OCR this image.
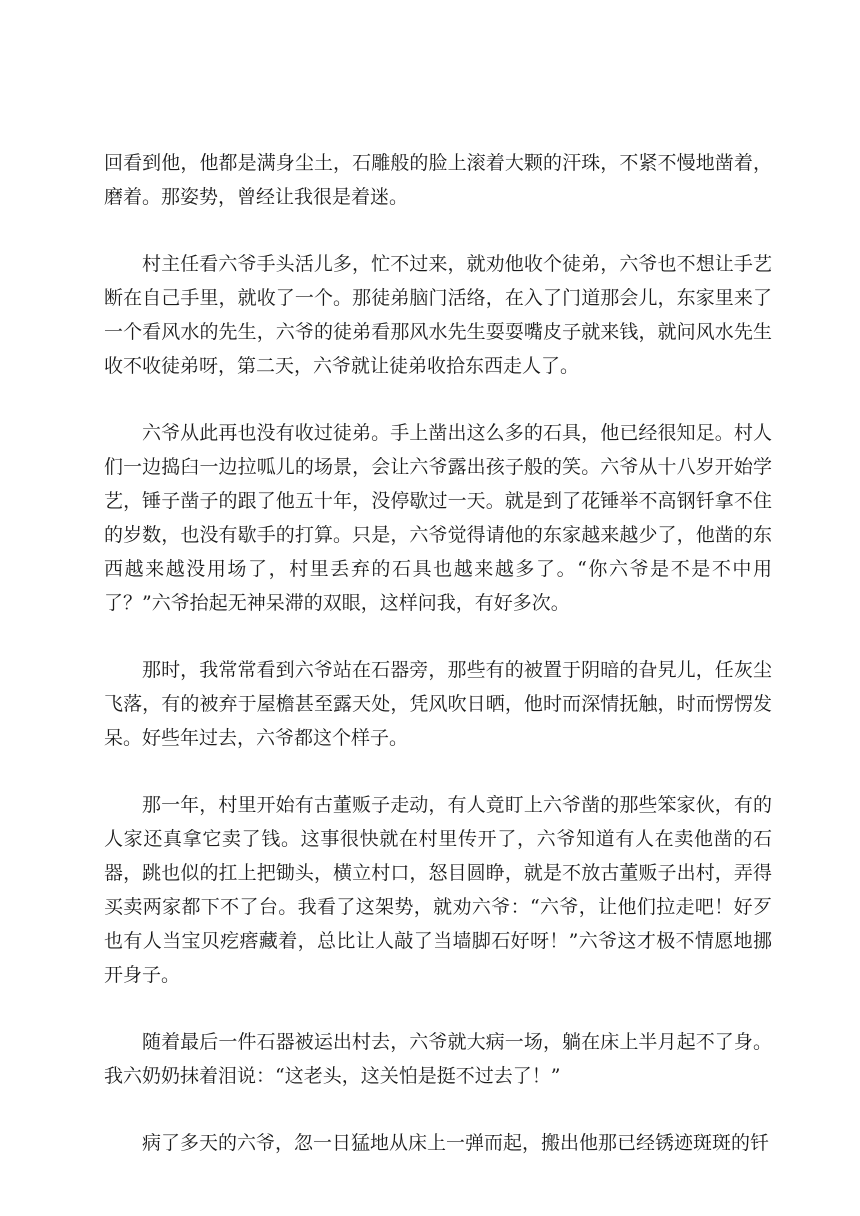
回看到他，他都是满身尘土，石雕般的脸上滚着大颗的汗珠，不紧不慢地凿着，磨着。那姿势，曾经让我很是着迷。

村主任看六爷手头活儿多，忙不过来，就劝他收个徒弟，六爷也不想让手艺断在自己手里，就收了一个。那徒弟脑门活络，在入了门道那会儿，东家里来了一个看风水的先生，六爷的徒弟看那风水先生耍耍嘴皮子就来钱，就问风水先生收不收徒弟呀，第二天，六爷就让徒弟收拾东西走人了。

六爷从此再也没有收过徒弟。手上凿出这么多的石具，他已经很知足。村人们一边捣臼一边拉呱儿的场景，会让六爷露出孩子般的笑。六爷从十八岁开始学艺，锤子凿子的跟了他五十年，没停歇过一天。就是到了花锤举不高钢钎拿不住的岁数，也没有歇手的打算。只是，六爷觉得请他的东家越来越少了，他凿的东西越来越没用场了，村里丢弃的石具也越来越多了。“你六爷是不是不中用了？”六爷抬起无神呆滞的双眼，这样问我，有好多次。

那时，我常常看到六爷站在石器旁，那些有的被置于阴暗的旮旯儿，任灰尘飞落，有的被弃于屋檐甚至露天处，凭风吹日晒，他时而深情抚触，时而愣愣发呆。好些年过去，六爷都这个样子。

那一年，村里开始有古董贩子走动，有人竟盯上六爷凿的那些笨家伙，有的人家还真拿它卖了钱。这事很快就在村里传开了，六爷知道有人在卖他凿的石器，跳也似的扛上把锄头，横立村口，怒目圆睁，就是不放古董贩子出村，弄得买卖两家都下不了台。我看了这架势，就劝六爷：“六爷，让他们拉走吧！好歹也有人当宝贝疙瘩藏着，总比让人敲了当墙脚石好呀！”六爷这才极不情愿地挪开身子。

随着最后一件石器被运出村去，六爷就大病一场，躺在床上半月起不了身。我六奶奶抹着泪说：“这老头，这关怕是挺不过去了！”

病了多天的六爷，忽一日猛地从床上一弹而起，搬出他那已经锈迹斑斑的钎
